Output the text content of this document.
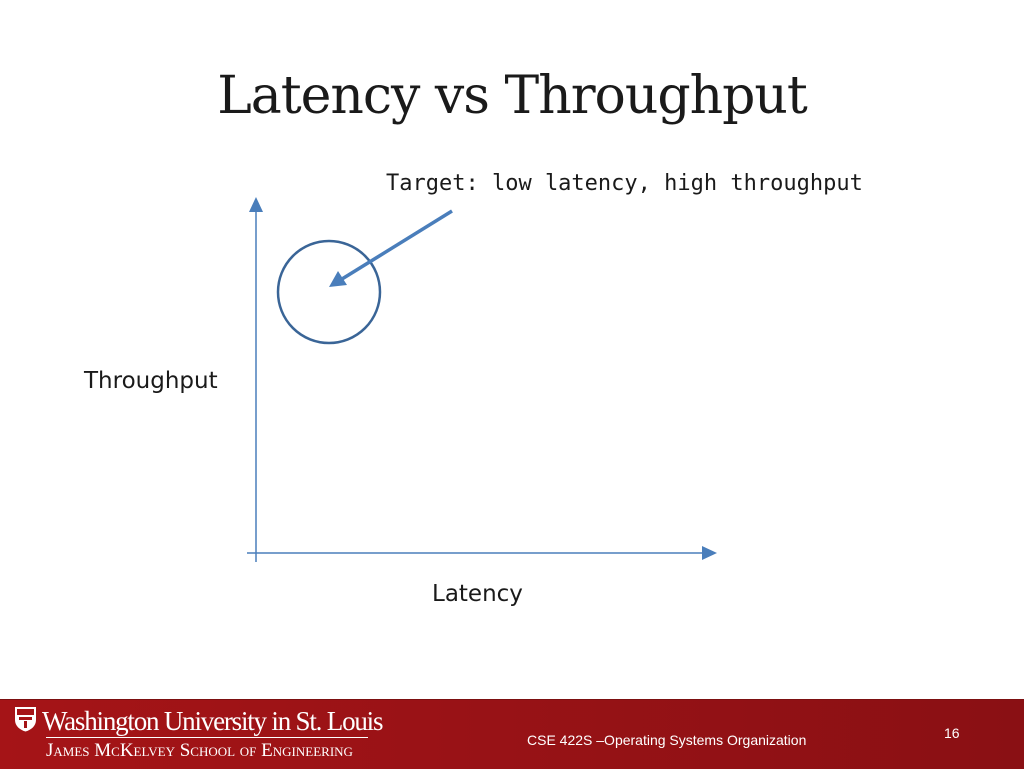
Latency vs Throughput
Target: low latency, high throughput
Throughput
Latency
Washington University in St. Louis
James McKelvey School of Engineering	CSE 422S –Operating Systems Organization	16
